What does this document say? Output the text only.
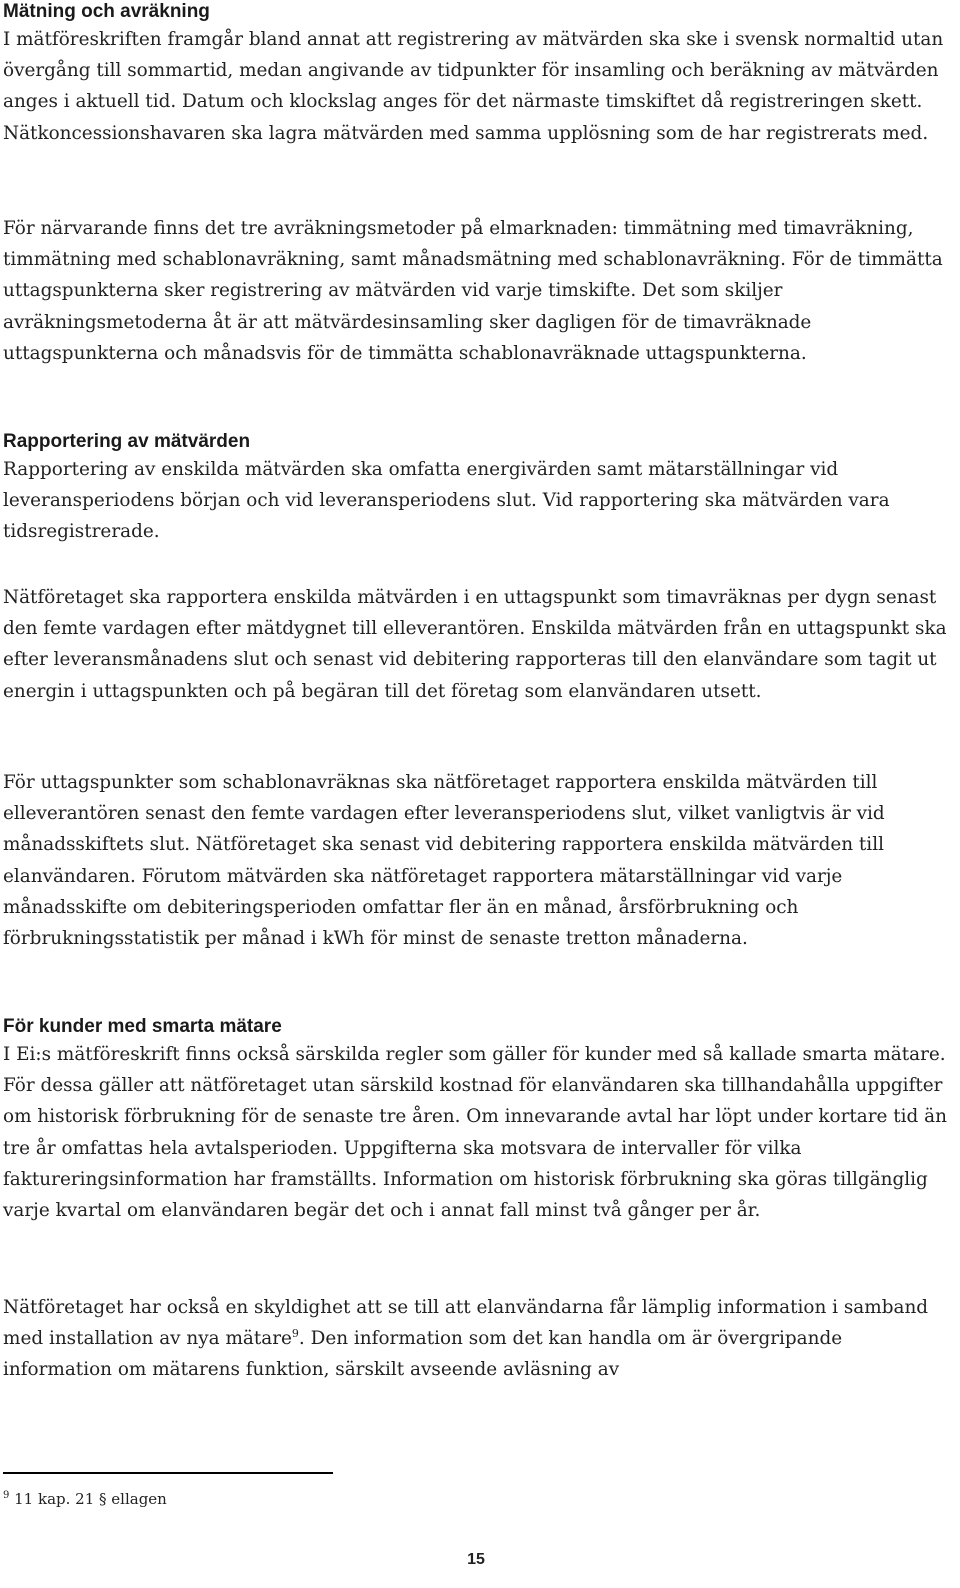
Mätning och avräkning

I mätföreskriften framgår bland annat att registrering av mätvärden ska ske i svensk normaltid utan övergång till sommartid, medan angivande av tidpunkter för insamling och beräkning av mätvärden anges i aktuell tid. Datum och klockslag anges för det närmaste timskiftet då registreringen skett. Nätkoncessionshavaren ska lagra mätvärden med samma upplösning som de har registrerats med.

För närvarande finns det tre avräkningsmetoder på elmarknaden: timmätning med timavräkning, timmätning med schablonavräkning, samt månadsmätning med schablonavräkning. För de timmätta uttagspunkterna sker registrering av mätvärden vid varje timskifte. Det som skiljer avräkningsmetoderna åt är att mätvärdesinsamling sker dagligen för de timavräknade uttagspunkterna och månadsvis för de timmätta schablonavräknade uttagspunkterna.

Rapportering av mätvärden

Rapportering av enskilda mätvärden ska omfatta energivärden samt mätarställningar vid leveransperiodens början och vid leveransperiodens slut. Vid rapportering ska mätvärden vara tidsregistrerade.

Nätföretaget ska rapportera enskilda mätvärden i en uttagspunkt som timavräknas per dygn senast den femte vardagen efter mätdygnet till elleverantören. Enskilda mätvärden från en uttagspunkt ska efter leveransmånadens slut och senast vid debitering rapporteras till den elanvändare som tagit ut energin i uttagspunkten och på begäran till det företag som elanvändaren utsett.

För uttagspunkter som schablonavräknas ska nätföretaget rapportera enskilda mätvärden till elleverantören senast den femte vardagen efter leveransperiodens slut, vilket vanligtvis är vid månadsskiftets slut. Nätföretaget ska senast vid debitering rapportera enskilda mätvärden till elanvändaren. Förutom mätvärden ska nätföretaget rapportera mätarställningar vid varje månadsskifte om debiteringsperioden omfattar fler än en månad, årsförbrukning och förbrukningsstatistik per månad i kWh för minst de senaste tretton månaderna.

För kunder med smarta mätare

I Ei:s mätföreskrift finns också särskilda regler som gäller för kunder med så kallade smarta mätare. För dessa gäller att nätföretaget utan särskild kostnad för elanvändaren ska tillhandahålla uppgifter om historisk förbrukning för de senaste tre åren. Om innevarande avtal har löpt under kortare tid än tre år omfattas hela avtalsperioden. Uppgifterna ska motsvara de intervaller för vilka faktureringsinformation har framställts. Information om historisk förbrukning ska göras tillgänglig varje kvartal om elanvändaren begär det och i annat fall minst två gånger per år.

Nätföretaget har också en skyldighet att se till att elanvändarna får lämplig information i samband med installation av nya mätare$^9$. Den information som det kan handla om är övergripande information om mätarens funktion, särskilt avseende avläsning av

$^9$ 11 kap. 21 § ellagen
15
